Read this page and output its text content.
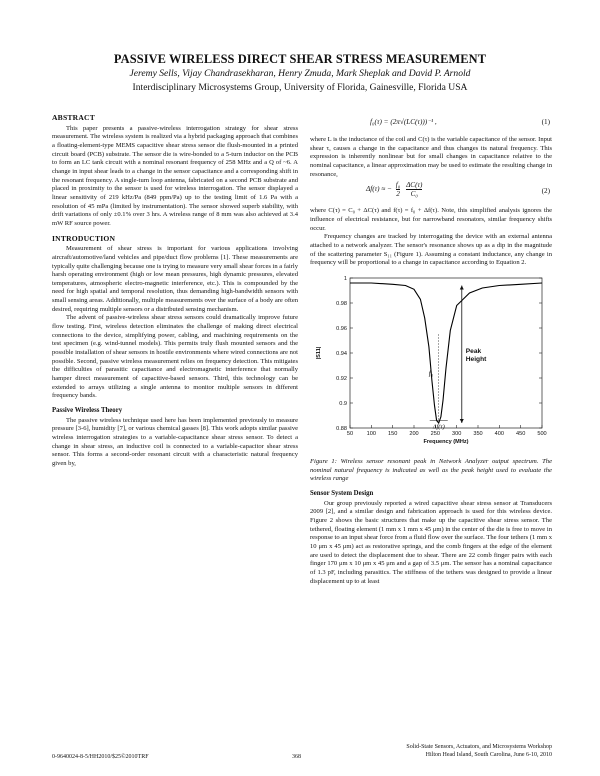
PASSIVE WIRELESS DIRECT SHEAR STRESS MEASUREMENT
Jeremy Sells, Vijay Chandrasekharan, Henry Zmuda, Mark Sheplak and David P. Arnold
Interdisciplinary Microsystems Group, University of Florida, Gainesville, Florida USA
ABSTRACT

This paper presents a passive-wireless interrogation strategy for shear stress measurement. The wireless system is realized via a hybrid packaging approach that combines a floating-element-type MEMS capacitive shear stress sensor die flush-mounted in a printed circuit board (PCB) substrate. The sensor die is wire-bonded to a 5-turn inductor on the PCB to form an LC tank circuit with a nominal resonant frequency of 258 MHz and a Q of ~6. A change in input shear leads to a change in the sensor capacitance and a corresponding shift in the resonant frequency. A single-turn loop antenna, fabricated on a second PCB substrate and placed in proximity to the sensor is used for wireless interrogation. The sensor displayed a linear sensitivity of 219 kHz/Pa (849 ppm/Pa) up to the testing limit of 1.6 Pa with a resolution of 45 mPa (limited by instrumentation). The sensor showed superb stability, with drift variations of only ±0.1% over 3 hrs. A wireless range of 8 mm was also achieved at 3.4 mW RF source power.

INTRODUCTION

Measurement of shear stress is important for various applications involving aircraft/automotive/land vehicles and pipe/duct flow problems [1]. These measurements are typically quite challenging because one is trying to measure very small shear forces in a fairly harsh operating environment (high or low mean pressures, high dynamic pressures, elevated temperatures, atmospheric electro-magnetic interference, etc.). This is compounded by the need for high spatial and temporal resolution, thus demanding high-bandwidth sensors with small sensing areas. Additionally, multiple measurements over the surface of a body are often desired, requiring multiple sensors or a distributed sensing mechanism.

The advent of passive-wireless shear stress sensors could dramatically improve future flow testing. First, wireless detection eliminates the challenge of making direct electrical connections to the device, simplifying power, cabling, and machining requirements on the test specimen (e.g. wind-tunnel models). This permits truly flush mounted sensors and the possible installation of shear sensors in hostile environments where wired connections are not possible. Second, passive wireless measurement relies on frequency detection. This mitigates the difficulties of parasitic capacitance and electromagnetic interference that normally hamper direct measurement of capacitive-based sensors. Third, this technology can be extended to arrays utilizing a single antenna to monitor multiple sensors in different frequency bands.

Passive Wireless Theory

The passive wireless technique used here has been implemented previously to measure pressure [3-6], humidity [7], or various chemical gasses [8]. This work adopts similar passive wireless interrogation strategies to a variable-capacitance shear stress sensor. To detect a change in shear stress, an inductive coil is connected to a variable-capacitor shear stress sensor. This forms a second-order resonant circuit with a characteristic natural frequency given by,

f₀(τ) = (2π√(LC(τ)))⁻¹ ,	(1)

where L is the inductance of the coil and C(τ) is the variable capacitance of the sensor. Input shear τ, causes a change in the capacitance and thus changes its natural frequency. This expression is inherently nonlinear but for small changes in capacitance relative to the nominal capacitance, a linear approximation may be used to estimate the resulting change in resonance,

Δf(τ) ≈ − $\frac{\text{f₀}}{2}$
$\frac{\Delta C(\tau)}{\text{C₀}}$	(2)

where C(τ) = C₀ + ΔC(τ) and f(τ) = f₀ + Δf(τ). Note, this simplified analysis ignores the influence of electrical resistance, but for narrowband resonators, similar frequency shifts occur.

Frequency changes are tracked by interrogating the device with an external antenna attached to a network analyzer. The sensor's resonance shows up as a dip in the magnitude of the scattering parameter S₁₁ (Figure 1). Assuming a constant inductance, any change in frequency will be proportional to a change in capacitance according to Equation 2.

0.88
0.9
0.92
0.94
0.96
0.98
1
50 100 150 200 250 300 350 400 450 500
Frequency (MHz)
|S11|
f₀
Δf(τ)
Peak
Height
Figure 1: Wireless sensor resonant peak in Network Analyzer output spectrum. The nominal natural frequency is indicated as well as the peak height used to evaluate the wireless range
Sensor System Design

Our group previously reported a wired capacitive shear stress sensor at Transducers 2009 [2], and a similar design and fabrication approach is used for this wireless device. Figure 2 shows the basic structures that make up the capacitive shear stress sensor. The tethered, floating element (1 mm x 1 mm x 45 μm) in the center of the die is free to move in response to an input shear force from a fluid flow over the surface. The four tethers (1 mm x 10 μm x 45 μm) act as restorative springs, and the comb fingers at the edge of the element are used to detect the displacement due to shear. There are 22 comb finger pairs with each finger 170 μm x 10 μm x 45 μm and a gap of 3.5 μm. The sensor has a nominal capacitance of 1.3 pF, including parasitics. The stiffness of the tethers was designed to provide a linear displacement up to at least

0-9640024-8-5/HH2010/$25©2010TRF	368
Solid-State Sensors, Actuators, and Microsystems Workshop
Hilton Head Island, South Carolina, June 6-10, 2010
